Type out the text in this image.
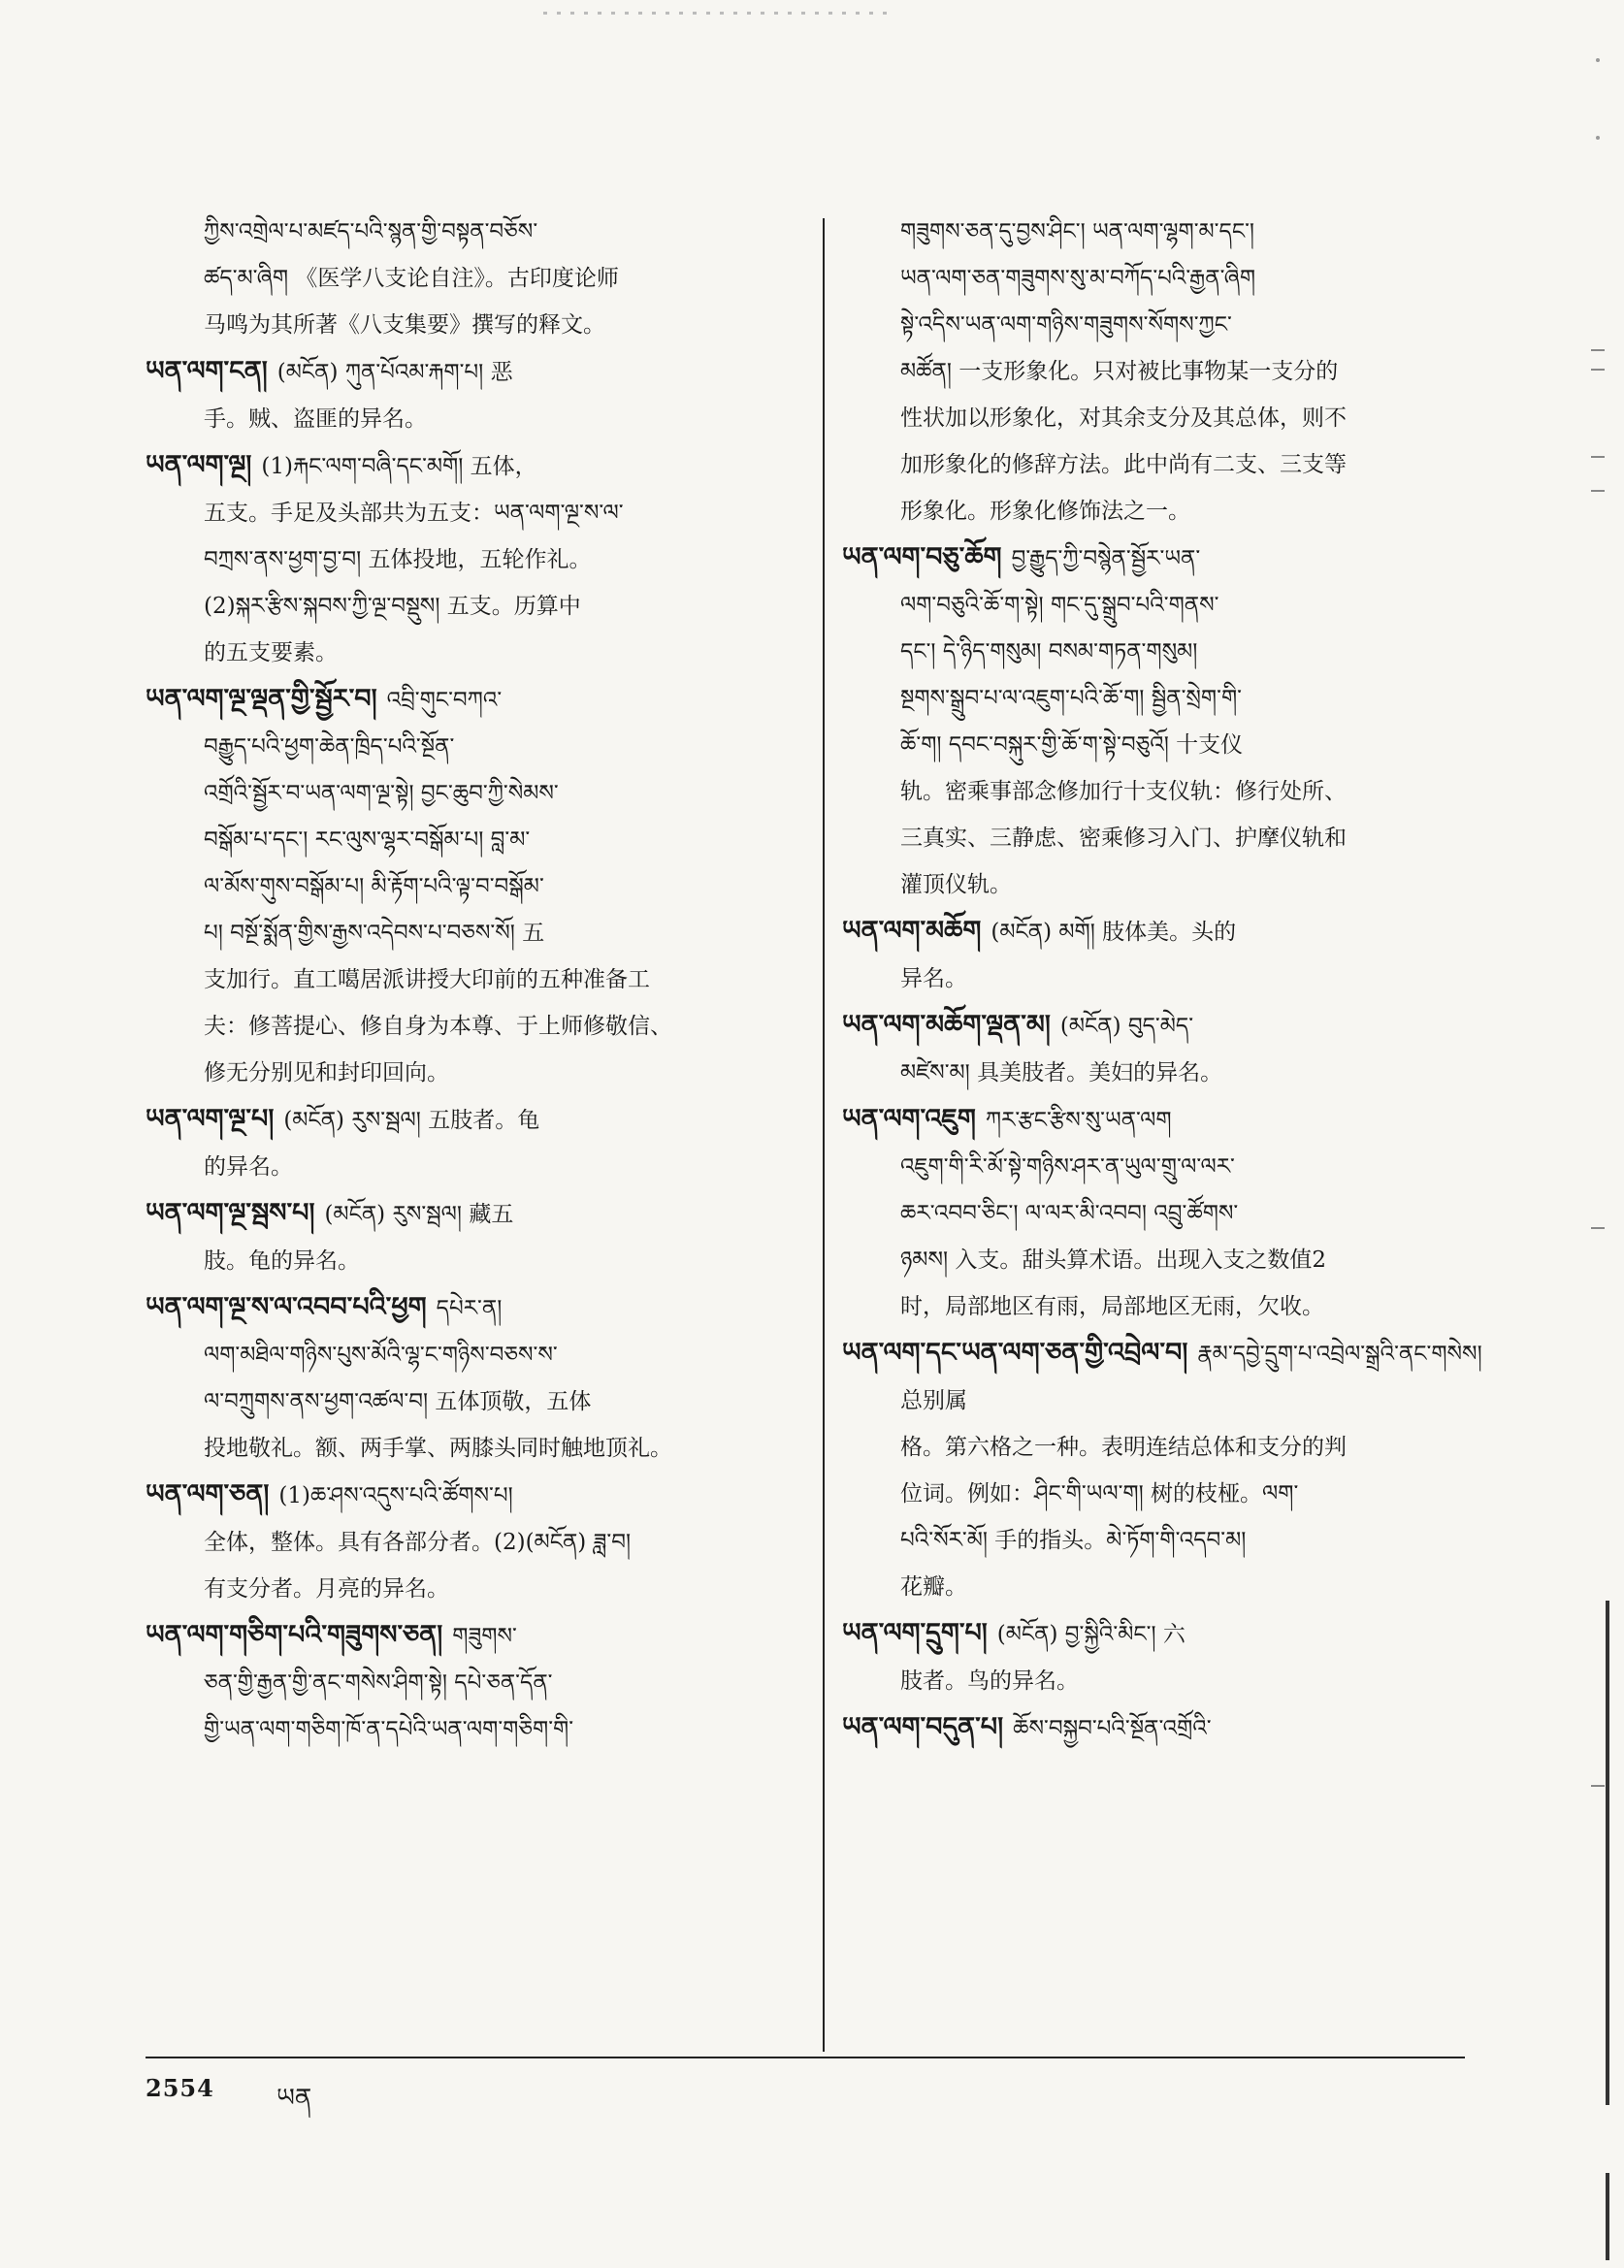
ཀྱིས་འགྲེལ་པ་མཛད་པའི་སྙན་གྱི་བསྟན་བཅོས་
ཚད་མ་ཞིག 《医学八支论自注》。古印度论师
马鸣为其所著《八支集要》撰写的释文。
ཡན་ལག་ངན། (མངོན) ཀུན་པོའམ་རྐག་པ། 恶
手。贼、盗匪的异名。
ཡན་ལག་ལྔ། (1)རྐང་ལག་བཞི་དང་མགོ། 五体，
五支。手足及头部共为五支：ཡན་ལག་ལྔ་ས་ལ་
བཀྲས་ནས་ཕྱག་བྱ་བ། 五体投地，五轮作礼。
(2)སྐར་རྩིས་སྐབས་ཀྱི་ལྔ་བསྡུས། 五支。历算中
的五支要素。
ཡན་ལག་ལྔ་ལྡན་གྱི་སྦྱོར་བ། འབྲི་གུང་བཀའ་
བརྒྱུད་པའི་ཕྱག་ཆེན་ཁྲིད་པའི་སྔོན་
འགྲོའི་སྦྱོར་བ་ཡན་ལག་ལྔ་སྟེ། བྱང་ཆུབ་ཀྱི་སེམས་
བསྒོམ་པ་དང་། རང་ལུས་ལྷར་བསྒོམ་པ། བླ་མ་
ལ་མོས་གུས་བསྒོམ་པ། མི་རྟོག་པའི་ལྟ་བ་བསྒོམ་
པ། བསྔོ་སྨོན་གྱིས་རྒྱས་འདེབས་པ་བཅས་སོ། 五
支加行。直工噶居派讲授大印前的五种准备工
夫：修菩提心、修自身为本尊、于上师修敬信、
修无分别见和封印回向。
ཡན་ལག་ལྔ་པ། (མངོན) རུས་སྦལ། 五肢者。龟
的异名。
ཡན་ལག་ལྔ་སྦས་པ། (མངོན) རུས་སྦལ། 藏五
肢。龟的异名。
ཡན་ལག་ལྔ་ས་ལ་འབབ་པའི་ཕྱག དཔེར་ན།
ལག་མཐིལ་གཉིས་པུས་མོའི་ལྷ་ང་གཉིས་བཅས་ས་
ལ་བཀྲུགས་ནས་ཕྱག་འཚལ་བ། 五体顶敬，五体
投地敬礼。额、两手掌、两膝头同时触地顶礼。
ཡན་ལག་ཅན། (1)ཆ་ཤས་འདུས་པའི་ཚོགས་པ།
全体，整体。具有各部分者。(2)(མངོན) ཟླ་བ།
有支分者。月亮的异名。
ཡན་ལག་གཅིག་པའི་གཟུགས་ཅན། གཟུགས་
ཅན་གྱི་རྒྱན་གྱི་ནང་གསེས་ཤིག་སྟེ། དཔེ་ཅན་དོན་
གྱི་ཡན་ལག་གཅིག་ཁོ་ན་དཔེའི་ཡན་ལག་གཅིག་གི་
གཟུགས་ཅན་དུ་བྱས་ཤིང་། ཡན་ལག་ལྷག་མ་དང་།
ཡན་ལག་ཅན་གཟུགས་སུ་མ་བཀོད་པའི་རྒྱན་ཞིག
སྟེ་འདིས་ཡན་ལག་གཉིས་གཟུགས་སོགས་ཀྱང་
མཚོན། 一支形象化。只对被比事物某一支分的
性状加以形象化，对其余支分及其总体，则不
加形象化的修辞方法。此中尚有二支、三支等
形象化。形象化修饰法之一。
ཡན་ལག་བཅུ་ཆོག བྱ་རྒྱུད་ཀྱི་བསྙེན་སྦྱོར་ཡན་
ལག་བཅུའི་ཆོ་ག་སྟེ། གང་དུ་སྒྲུབ་པའི་གནས་
དང་། དེ་ཉིད་གསུམ། བསམ་གཏན་གསུམ།
སྔགས་སྒྲུབ་པ་ལ་འཇུག་པའི་ཆོ་ག། སྦྱིན་སྲེག་གི་
ཆོ་ག། དབང་བསྐུར་གྱི་ཆོ་ག་སྟེ་བཅུའོ། 十支仪
轨。密乘事部念修加行十支仪轨：修行处所、
三真实、三静虑、密乘修习入门、护摩仪轨和
灌顶仪轨。
ཡན་ལག་མཆོག (མངོན) མགོ། 肢体美。头的
异名。
ཡན་ལག་མཆོག་ལྡན་མ། (མངོན) བུད་མེད་
མཛེས་མ། 具美肢者。美妇的异名。
ཡན་ལག་འཇུག ཀར་རྩང་རྩིས་སུ་ཡན་ལག
འཇུག་གི་རི་མོ་སྟེ་གཉིས་ཤར་ན་ཡུལ་གྲུ་ལ་ལར་
ཆར་འབབ་ཅིང་། ལ་ལར་མི་འབབ། འབྲུ་ཚོགས་
ཉམས། 入支。甜头算术语。出现入支之数值2
时，局部地区有雨，局部地区无雨，欠收。
ཡན་ལག་དང་ཡན་ལག་ཅན་གྱི་འབྲེལ་བ། རྣམ་དབྱེ་དྲུག་པ་འབྲེལ་སྒྲའི་ནང་གསེས། 总别属
格。第六格之一种。表明连结总体和支分的判
位词。例如：ཤིང་གི་ཡལ་ག། 树的枝桠。ལག་
པའི་སོར་མོ། 手的指头。མེ་ཏོག་གི་འདབ་མ།
花瓣。
ཡན་ལག་དྲུག་པ། (མངོན) བྱ་སྐྱིའི་མིང་། 六
肢者。鸟的异名。
ཡན་ལག་བདུན་པ། ཆོས་བསྐྱབ་པའི་སྔོན་འགྲོའི་
2554 ཡན
